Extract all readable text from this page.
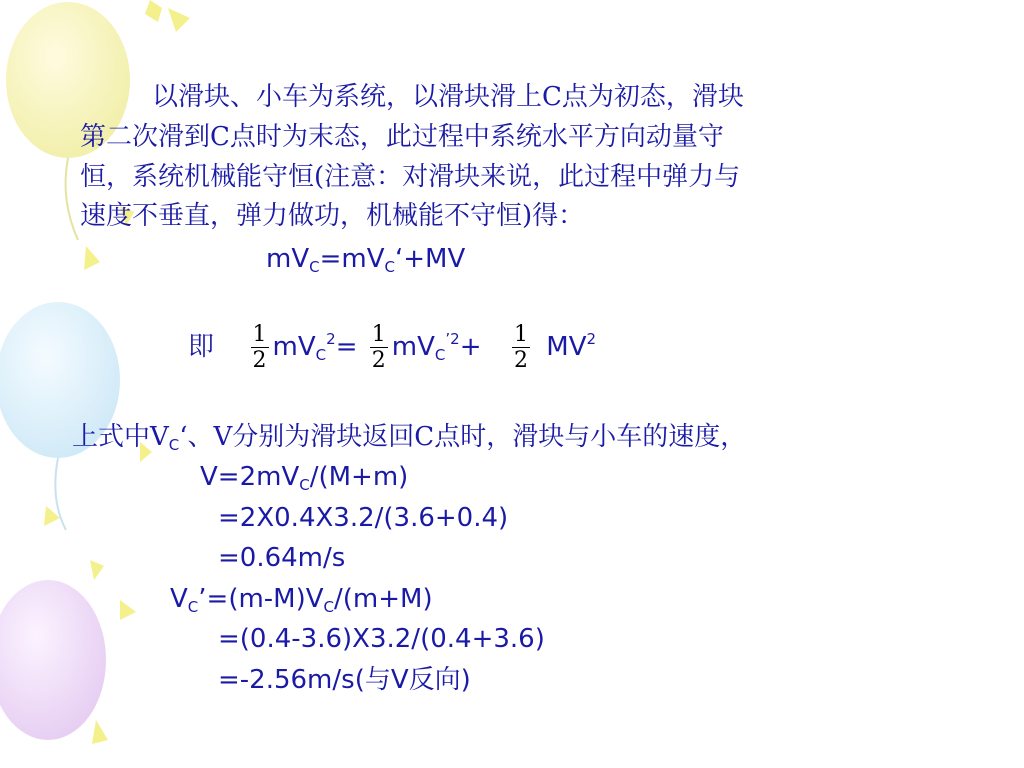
以滑块、小车为系统，以滑块滑上C点为初态，滑块
第二次滑到C点时为末态，此过程中系统水平方向动量守
恒，系统机械能守恒(注意：对滑块来说，此过程中弹力与
速度不垂直，弹力做功，机械能不守恒)得：
$mV_C=mV_C‘+MV$
即 $\frac{1}{2} mV_C^2= \frac{1}{2} mV_C^{’2}+ \frac{1}{2} MV^2$
上式中$V_C‘$、V分别为滑块返回C点时，滑块与小车的速度，
$V=2mV_C/(M+m)$
=2X0.4X3.2/(3.6+0.4)
=0.64m/s
$V_C’=(m-M)V_C/(m+M)$
=(0.4-3.6)X3.2/(0.4+3.6)
=-2.56m/s(与V反向)
